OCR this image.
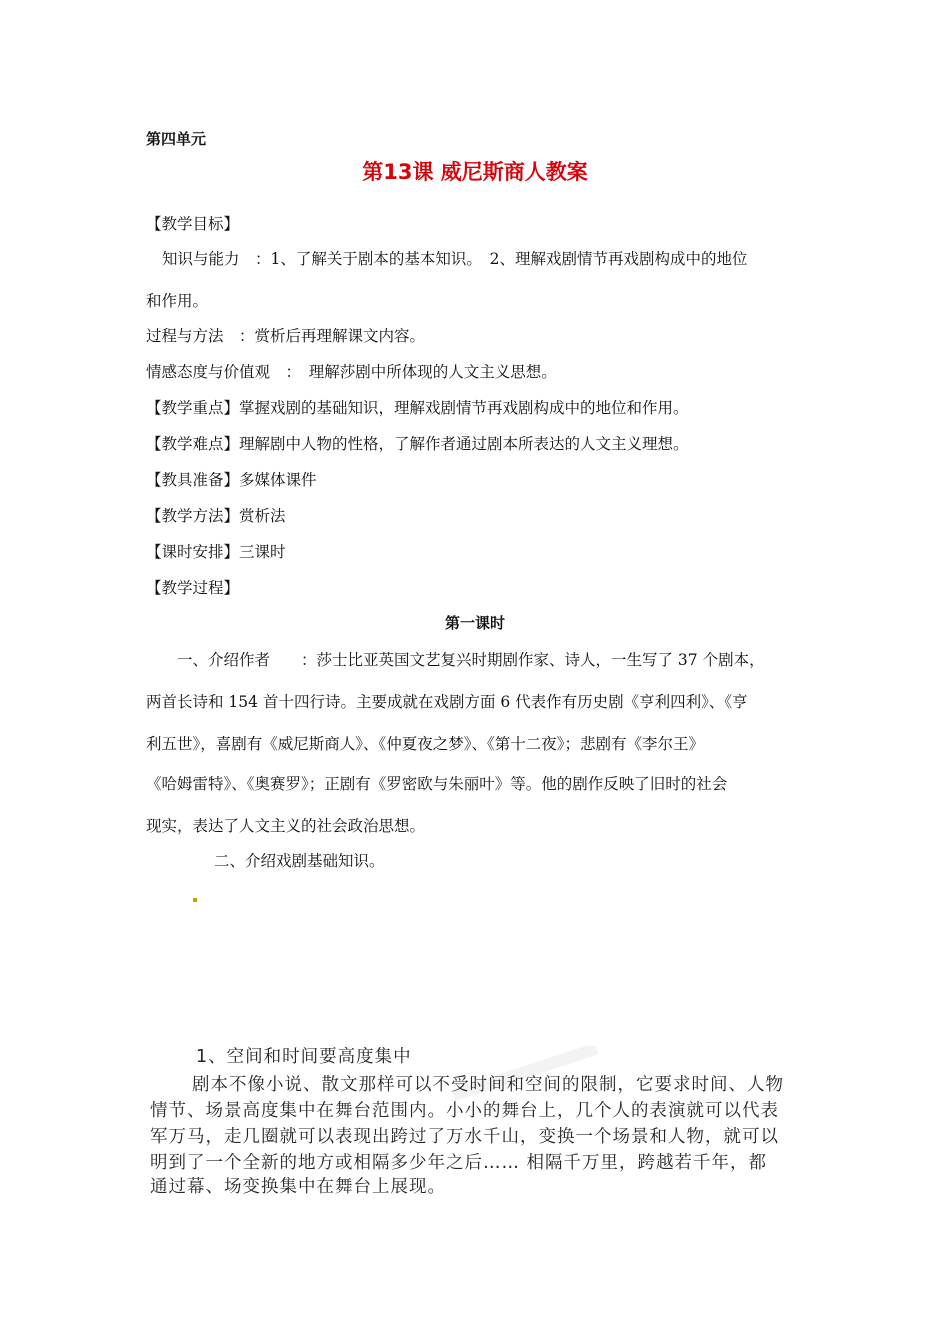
第四单元
第13课 威尼斯商人教案
【教学目标】
知识与能力　：1、了解关于剧本的基本知识。　2、理解戏剧情节再戏剧构成中的地位
和作用。
过程与方法　：赏析后再理解课文内容。
情感态度与价值观　：　理解莎剧中所体现的人文主义思想。
【教学重点】掌握戏剧的基础知识，理解戏剧情节再戏剧构成中的地位和作用。
【教学难点】理解剧中人物的性格，了解作者通过剧本所表达的人文主义理想。
【教具准备】多媒体课件
【教学方法】赏析法
【课时安排】三课时
【教学过程】
第一课时
一、介绍作者　　：莎士比亚英国文艺复兴时期剧作家、诗人，一生写了 37 个剧本，
两首长诗和 154 首十四行诗。主要成就在戏剧方面 6 代表作有历史剧《亨利四利》、《亨
利五世》，喜剧有《威尼斯商人》、《仲夏夜之梦》、《第十二夜》；悲剧有《李尔王》
《哈姆雷特》、《奥赛罗》；正剧有《罗密欧与朱丽叶》等。他的剧作反映了旧时的社会
现实，表达了人文主义的社会政治思想。
二、介绍戏剧基础知识。
1、空间和时间要高度集中
剧本不像小说、散文那样可以不受时间和空间的限制，它要求时间、人物
情节、场景高度集中在舞台范围内。小小的舞台上，几个人的表演就可以代表
军万马，走几圈就可以表现出跨过了万水千山，变换一个场景和人物，就可以
明到了一个全新的地方或相隔多少年之后…… 相隔千万里，跨越若千年，都
通过幕、场变换集中在舞台上展现。
